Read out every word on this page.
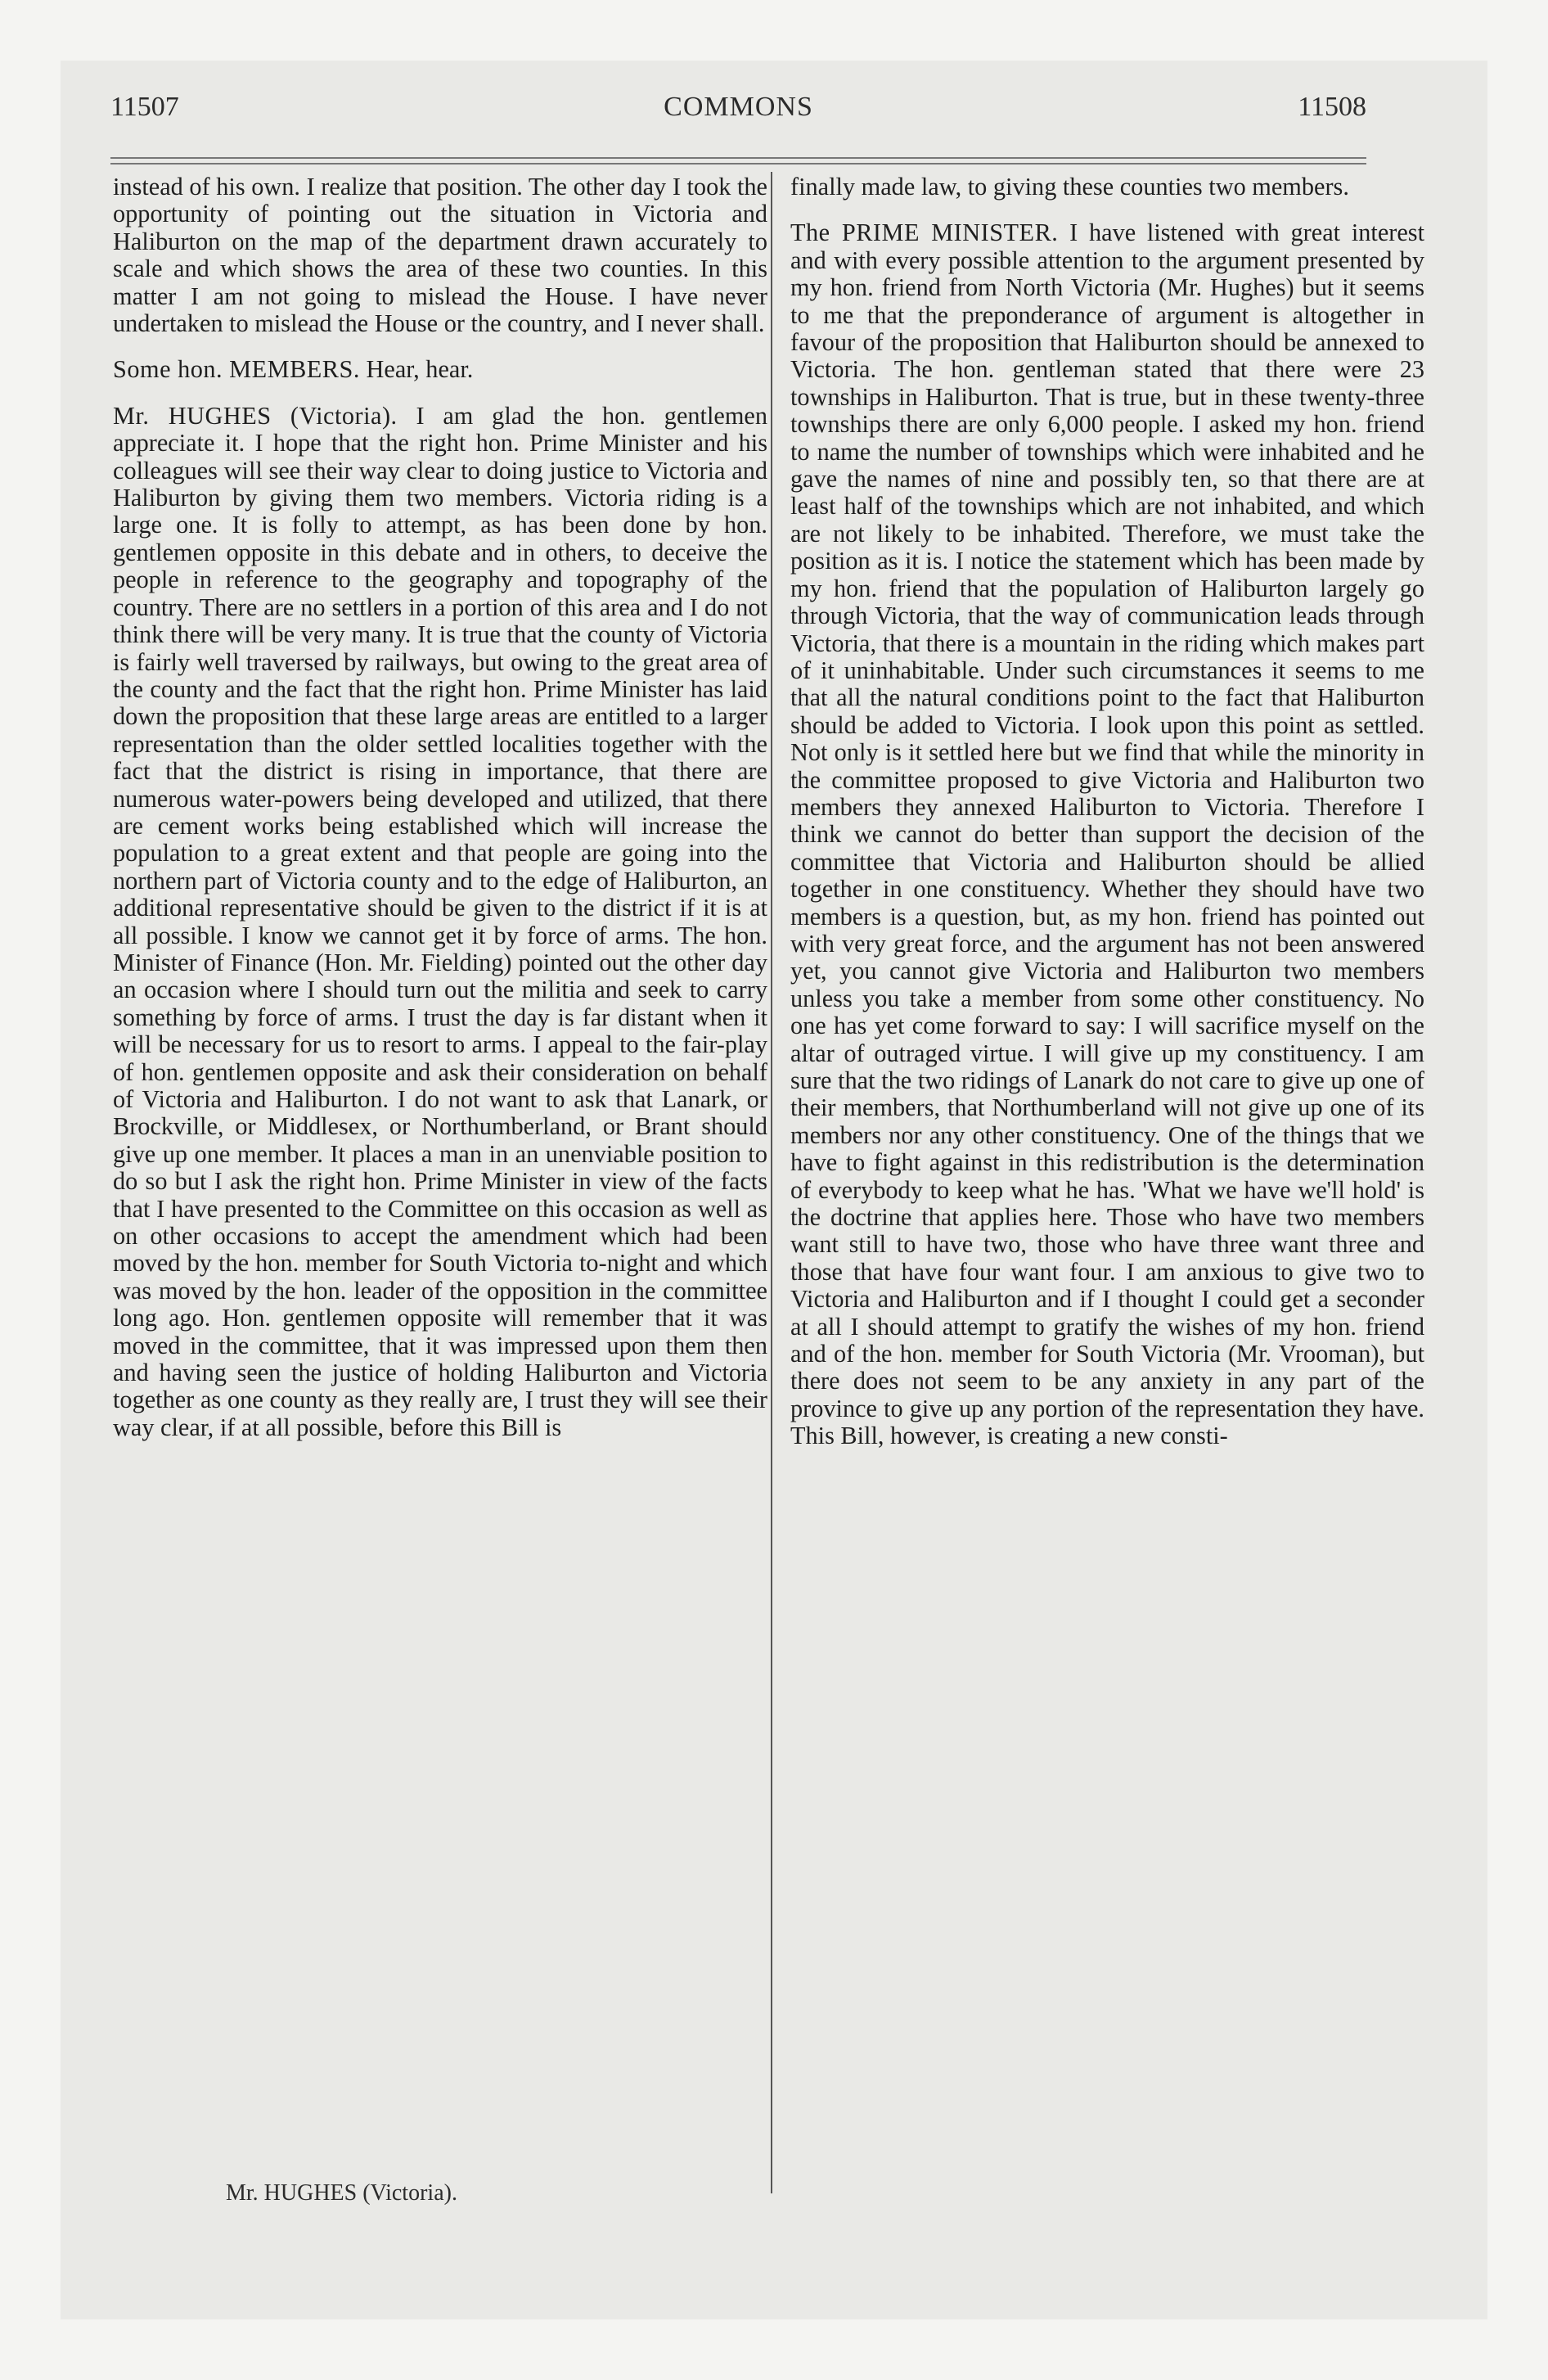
11507	COMMONS	11508

instead of his own. I realize that position. The other day I took the opportunity of pointing out the situation in Victoria and Haliburton on the map of the department drawn accurately to scale and which shows the area of these two counties. In this matter I am not going to mislead the House. I have never undertaken to mislead the House or the country, and I never shall.

Some hon. MEMBERS. Hear, hear.

Mr. HUGHES (Victoria). I am glad the hon. gentlemen appreciate it. I hope that the right hon. Prime Minister and his colleagues will see their way clear to doing justice to Victoria and Haliburton by giving them two members. Victoria riding is a large one. It is folly to attempt, as has been done by hon. gentlemen opposite in this debate and in others, to deceive the people in reference to the geography and topography of the country. There are no settlers in a portion of this area and I do not think there will be very many. It is true that the county of Victoria is fairly well traversed by railways, but owing to the great area of the county and the fact that the right hon. Prime Minister has laid down the proposition that these large areas are entitled to a larger representation than the older settled localities together with the fact that the district is rising in importance, that there are numerous water-powers being developed and utilized, that there are cement works being established which will increase the population to a great extent and that people are going into the northern part of Victoria county and to the edge of Haliburton, an additional representative should be given to the district if it is at all possible. I know we cannot get it by force of arms. The hon. Minister of Finance (Hon. Mr. Fielding) pointed out the other day an occasion where I should turn out the militia and seek to carry something by force of arms. I trust the day is far distant when it will be necessary for us to resort to arms. I appeal to the fair-play of hon. gentlemen opposite and ask their consideration on behalf of Victoria and Haliburton. I do not want to ask that Lanark, or Brockville, or Middlesex, or Northumberland, or Brant should give up one member. It places a man in an unenviable position to do so but I ask the right hon. Prime Minister in view of the facts that I have presented to the Committee on this occasion as well as on other occasions to accept the amendment which had been moved by the hon. member for South Victoria to-night and which was moved by the hon. leader of the opposition in the committee long ago. Hon. gentlemen opposite will remember that it was moved in the committee, that it was impressed upon them then and having seen the justice of holding Haliburton and Victoria together as one county as they really are, I trust they will see their way clear, if at all possible, before this Bill is

finally made law, to giving these counties two members.

The PRIME MINISTER. I have listened with great interest and with every possible attention to the argument presented by my hon. friend from North Victoria (Mr. Hughes) but it seems to me that the preponderance of argument is altogether in favour of the proposition that Haliburton should be annexed to Victoria. The hon. gentleman stated that there were 23 townships in Haliburton. That is true, but in these twenty-three townships there are only 6,000 people. I asked my hon. friend to name the number of townships which were inhabited and he gave the names of nine and possibly ten, so that there are at least half of the townships which are not inhabited, and which are not likely to be inhabited. Therefore, we must take the position as it is. I notice the statement which has been made by my hon. friend that the population of Haliburton largely go through Victoria, that the way of communication leads through Victoria, that there is a mountain in the riding which makes part of it uninhabitable. Under such circumstances it seems to me that all the natural conditions point to the fact that Haliburton should be added to Victoria. I look upon this point as settled. Not only is it settled here but we find that while the minority in the committee proposed to give Victoria and Haliburton two members they annexed Haliburton to Victoria. Therefore I think we cannot do better than support the decision of the committee that Victoria and Haliburton should be allied together in one constituency. Whether they should have two members is a question, but, as my hon. friend has pointed out with very great force, and the argument has not been answered yet, you cannot give Victoria and Haliburton two members unless you take a member from some other constituency. No one has yet come forward to say: I will sacrifice myself on the altar of outraged virtue. I will give up my constituency. I am sure that the two ridings of Lanark do not care to give up one of their members, that Northumberland will not give up one of its members nor any other constituency. One of the things that we have to fight against in this redistribution is the determination of everybody to keep what he has. 'What we have we'll hold' is the doctrine that applies here. Those who have two members want still to have two, those who have three want three and those that have four want four. I am anxious to give two to Victoria and Haliburton and if I thought I could get a seconder at all I should attempt to gratify the wishes of my hon. friend and of the hon. member for South Victoria (Mr. Vrooman), but there does not seem to be any anxiety in any part of the province to give up any portion of the representation they have. This Bill, however, is creating a new consti-

Mr. HUGHES (Victoria).
